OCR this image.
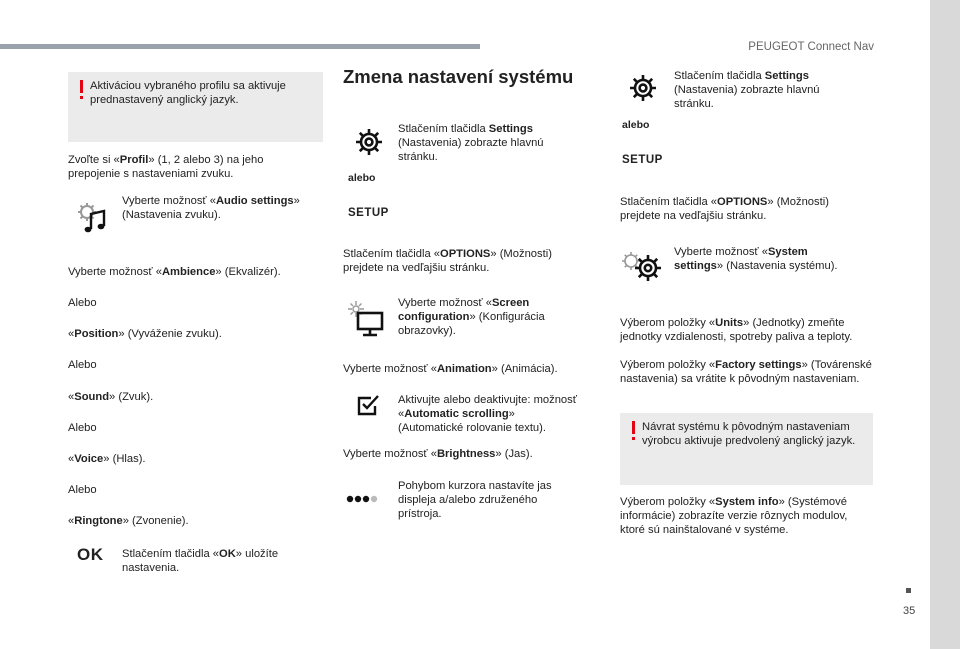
PEUGEOT Connect Nav
35
Aktiváciou vybraného profilu sa aktivuje prednastavený anglický jazyk.
Zvoľte si «Profil» (1, 2 alebo 3) na jeho prepojenie s nastaveniami zvuku.
Vyberte možnosť «Audio settings» (Nastavenia zvuku).
Vyberte možnosť «Ambience» (Ekvalizér).
Alebo
«Position» (Vyváženie zvuku).
Alebo
«Sound» (Zvuk).
Alebo
«Voice» (Hlas).
Alebo
«Ringtone» (Zvonenie).
OK Stlačením tlačidla «OK» uložíte nastavenia.
Zmena nastavení systému
Stlačením tlačidla Settings (Nastavenia) zobrazte hlavnú stránku.
alebo
SETUP
Stlačením tlačidla «OPTIONS» (Možnosti) prejdete na vedľajšiu stránku.
Vyberte možnosť «Screen configuration» (Konfigurácia obrazovky).
Vyberte možnosť «Animation» (Animácia).
Aktivujte alebo deaktivujte: možnosť «Automatic scrolling» (Automatické rolovanie textu).
Vyberte možnosť «Brightness» (Jas).
Pohybom kurzora nastavíte jas displeja a/alebo združeného prístroja.
Stlačením tlačidla Settings (Nastavenia) zobrazte hlavnú stránku.
alebo
SETUP
Stlačením tlačidla «OPTIONS» (Možnosti) prejdete na vedľajšiu stránku.
Vyberte možnosť «System settings» (Nastavenia systému).
Výberom položky «Units» (Jednotky) zmeňte jednotky vzdialenosti, spotreby paliva a teploty.
Výberom položky «Factory settings» (Továrenské nastavenia) sa vrátite k pôvodným nastaveniam.
Návrat systému k pôvodným nastaveniam výrobcu aktivuje predvolený anglický jazyk.
Výberom položky «System info» (Systémové informácie) zobrazíte verzie rôznych modulov, ktoré sú nainštalované v systéme.
